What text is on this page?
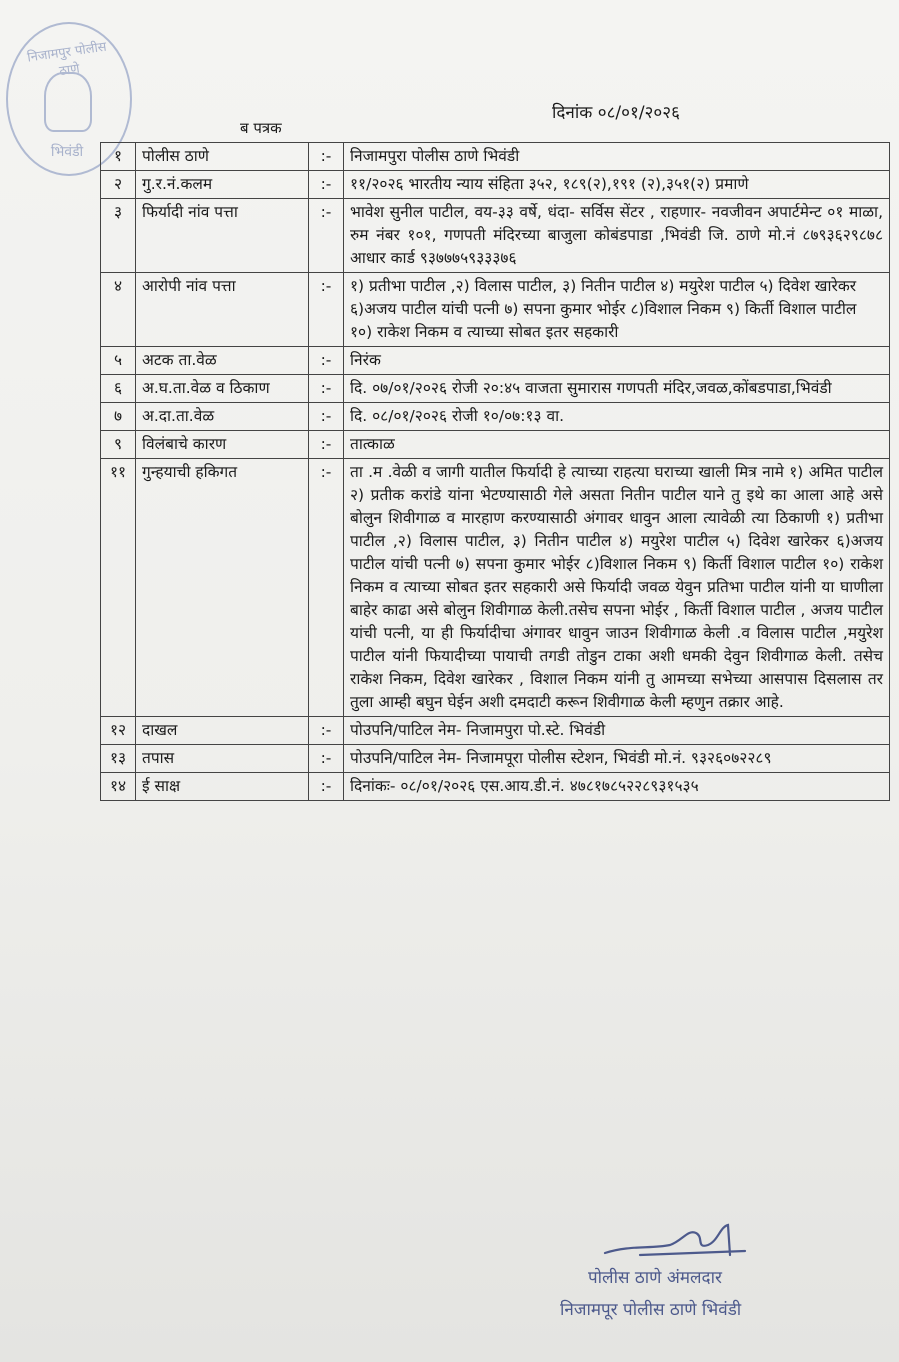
निजामपुर पोलीस ठाणे
भिवंडी
ब पत्रक
दिनांक ०८/०१/२०२६
१	पोलीस ठाणे	:-	निजामपुरा पोलीस ठाणे भिवंडी
२	गु.र.नं.कलम	:-	११/२०२६ भारतीय न्याय संहिता ३५२, १८९(२),१९१ (२),३५१(२) प्रमाणे
३	फिर्यादी नांव पत्ता	:-	भावेश सुनील पाटील, वय-३३ वर्षे, धंदा- सर्विस सेंटर , राहणार- नवजीवन अपार्टमेन्ट ०१ माळा, रुम नंबर १०१, गणपती मंदिरच्या बाजुला कोबंडपाडा ,भिवंडी जि. ठाणे मो.नं ८७९३६२९८७८ आधार कार्ड ९३७७७५९३३३७६
४	आरोपी नांव पत्ता	:-	१) प्रतीभा पाटील ,२) विलास पाटील, ३) नितीन पाटील ४) मयुरेश पाटील ५) दिवेश खारेकर ६)अजय पाटील यांची पत्नी ७) सपना कुमार भोईर ८)विशाल निकम ९) किर्ती विशाल पाटील १०) राकेश निकम व त्याच्या सोबत इतर सहकारी
५	अटक ता.वेळ	:-	निरंक
६	अ.घ.ता.वेळ व ठिकाण	:-	दि. ०७/०१/२०२६ रोजी २०:४५ वाजता सुमारास गणपती मंदिर,जवळ,कोंबडपाडा,भिवंडी
७	अ.दा.ता.वेळ	:-	दि. ०८/०१/२०२६ रोजी १०/०७:१३ वा.
९	विलंबाचे कारण	:-	तात्काळ
११	गुन्हयाची हकिगत	:-	ता .म .वेळी व जागी यातील फिर्यादी हे त्याच्या राहत्या घराच्या खाली मित्र नामे १) अमित पाटील २) प्रतीक करांडे यांना भेटण्यासाठी गेले असता नितीन पाटील याने तु इथे का आला आहे असे बोलुन शिवीगाळ व मारहाण करण्यासाठी अंगावर धावुन आला त्यावेळी त्या ठिकाणी १) प्रतीभा पाटील ,२) विलास पाटील, ३) नितीन पाटील ४) मयुरेश पाटील ५) दिवेश खारेकर ६)अजय पाटील यांची पत्नी ७) सपना कुमार भोईर ८)विशाल निकम ९) किर्ती विशाल पाटील १०) राकेश निकम व त्याच्या सोबत इतर सहकारी असे फिर्यादी जवळ येवुन प्रतिभा पाटील यांनी या घाणीला बाहेर काढा असे बोलुन शिवीगाळ केली.तसेच सपना भोईर , किर्ती विशाल पाटील , अजय पाटील यांची पत्नी, या ही फिर्यादीचा अंगावर धावुन जाउन शिवीगाळ केली .व विलास पाटील ,मयुरेश पाटील यांनी फियादीच्या पायाची तगडी तोडुन टाका अशी धमकी देवुन शिवीगाळ केली. तसेच राकेश निकम, दिवेश खारेकर , विशाल निकम यांनी तु आमच्या सभेच्या आसपास दिसलास तर तुला आम्ही बघुन घेईन अशी दमदाटी करून शिवीगाळ केली म्हणुन तक्रार आहे.
१२	दाखल	:-	पोउपनि/पाटिल नेम- निजामपुरा पो.स्टे. भिवंडी
१३	तपास	:-	पोउपनि/पाटिल नेम- निजामपूरा पोलीस स्टेशन, भिवंडी मो.नं. ९३२६०७२२८९
१४	ई साक्ष	:-	दिनांकः- ०८/०१/२०२६ एस.आय.डी.नं. ४७८१७८५२२८९३१५३५
पोलीस ठाणे अंमलदार
निजामपूर पोलीस ठाणे भिवंडी
